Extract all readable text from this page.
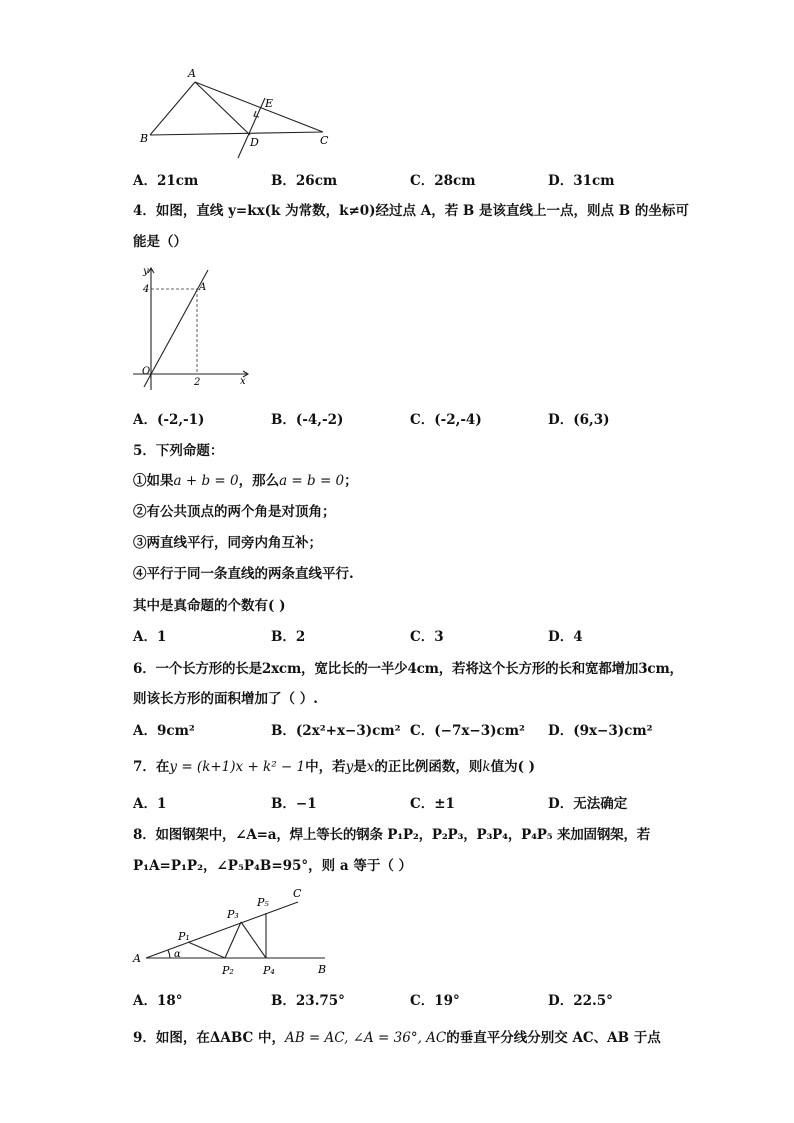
A
B	C
D
E
A．21cm	B．26cm	C．28cm	D．31cm
4．如图，直线 y=kx(k 为常数，k≠0)经过点 A，若 B 是该直线上一点，则点 B 的坐标可
能是（）
y
x
O
A
4
2
A．(-2,-1)	B．(-4,-2)	C．(-2,-4)	D．(6,3)
5．下列命题：
①如果a + b = 0，那么a = b = 0；
②有公共顶点的两个角是对顶角；
③两直线平行，同旁内角互补；
④平行于同一条直线的两条直线平行.
其中是真命题的个数有( )
A．1	B．2	C．3	D．4
6．一个长方形的长是2xcm，宽比长的一半少4cm，若将这个长方形的长和宽都增加3cm，
则该长方形的面积增加了（ ）.
A．9cm²	B．(2x²+x−3)cm² C．(−7x−3)cm² D．(9x−3)cm²
7．在y = (k+1)x + k² − 1中，若y是x的正比例函数，则k值为( )
A．1	B．−1	C．±1	D．无法确定
8．如图钢架中，∠A=a，焊上等长的钢条 P₁P₂，P₂P₃，P₃P₄，P₄P₅ 来加固钢架，若
P₁A=P₁P₂，∠P₅P₄B=95°，则 a 等于（ ）
A
B
C
α
P₁
P₂
P₃
P₄
P₅
A．18°	B．23.75°	C．19°	D．22.5°
9．如图，在ΔABC 中，AB = AC, ∠A = 36°, AC的垂直平分线分别交 AC、AB 于点
